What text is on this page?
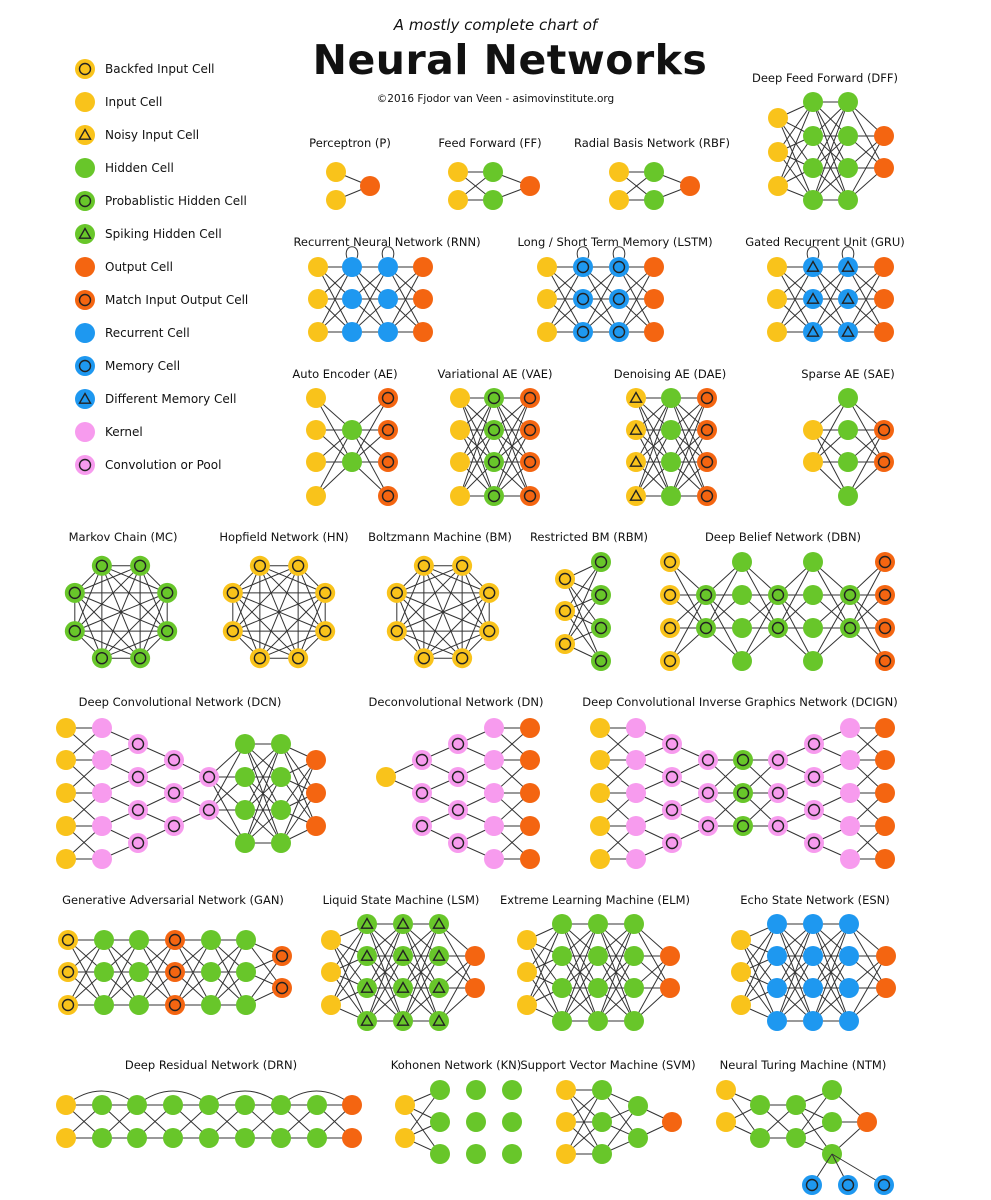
A mostly complete chart of
Neural Networks
©2016 Fjodor van Veen - asimovinstitute.org
Backfed Input Cell
Input Cell
Noisy Input Cell
Hidden Cell
Probablistic Hidden Cell
Spiking Hidden Cell
Output Cell
Match Input Output Cell
Recurrent Cell
Memory Cell
Different Memory Cell
Kernel
Convolution or Pool
Perceptron (P)	Feed Forward (FF)	Radial Basis Network (RBF)
Deep Feed Forward (DFF)
Recurrent Neural Network (RNN)	Long / Short Term Memory (LSTM)	Gated Recurrent Unit (GRU)
Auto Encoder (AE)	Variational AE (VAE)	Denoising AE (DAE)	Sparse AE (SAE)
Markov Chain (MC)	Hopfield Network (HN) Boltzmann Machine (BM) Restricted BM (RBM)	Deep Belief Network (DBN)
Deep Convolutional Network (DCN)	Deconvolutional Network (DN)	Deep Convolutional Inverse Graphics Network (DCIGN)
Generative Adversarial Network (GAN)	Liquid State Machine (LSM) Extreme Learning Machine (ELM)	Echo State Network (ESN)
Deep Residual Network (DRN)	Kohonen Network (KN) Support Vector Machine (SVM) Neural Turing Machine (NTM)
